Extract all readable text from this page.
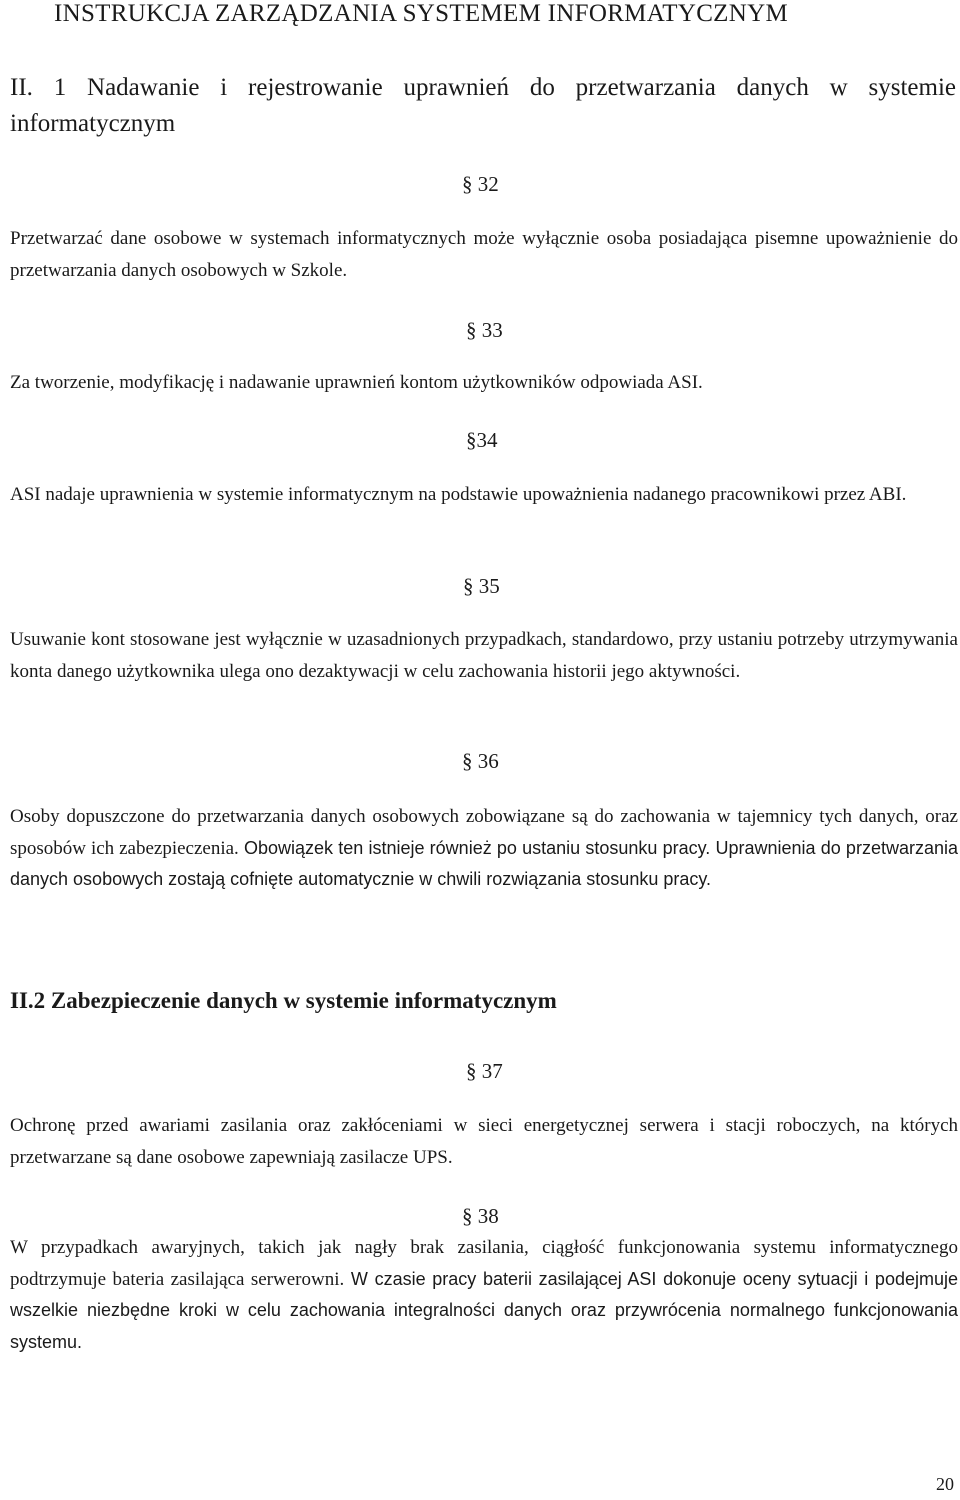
INSTRUKCJA ZARZĄDZANIA SYSTEMEM INFORMATYCZNYM
II. 1 Nadawanie i rejestrowanie uprawnień do przetwarzania danych w systemie informatycznym
§ 32
Przetwarzać dane osobowe w systemach informatycznych może wyłącznie osoba posiadająca pisemne upoważnienie do przetwarzania danych osobowych w Szkole.
§ 33
Za tworzenie, modyfikację i nadawanie uprawnień kontom użytkowników odpowiada ASI.
§34
ASI nadaje uprawnienia w systemie informatycznym na podstawie upoważnienia nadanego pracownikowi przez ABI.
§ 35
Usuwanie kont stosowane jest wyłącznie w uzasadnionych przypadkach, standardowo, przy ustaniu potrzeby utrzymywania konta danego użytkownika ulega ono dezaktywacji w celu zachowania historii jego aktywności.
§ 36
Osoby dopuszczone do przetwarzania danych osobowych zobowiązane są do zachowania w tajemnicy tych danych, oraz sposobów ich zabezpieczenia. Obowiązek ten istnieje również po ustaniu stosunku pracy. Uprawnienia do przetwarzania danych osobowych zostają cofnięte automatycznie w chwili rozwiązania stosunku pracy.
II.2 Zabezpieczenie danych w systemie informatycznym
§ 37
Ochronę przed awariami zasilania oraz zakłóceniami w sieci energetycznej serwera i stacji roboczych, na których przetwarzane są dane osobowe zapewniają zasilacze UPS.
§ 38
W przypadkach awaryjnych, takich jak nagły brak zasilania, ciągłość funkcjonowania systemu informatycznego podtrzymuje bateria zasilająca serwerowni. W czasie pracy baterii zasilającej ASI dokonuje oceny sytuacji i podejmuje wszelkie niezbędne kroki w celu zachowania integralności danych oraz przywrócenia normalnego funkcjonowania systemu.
20
